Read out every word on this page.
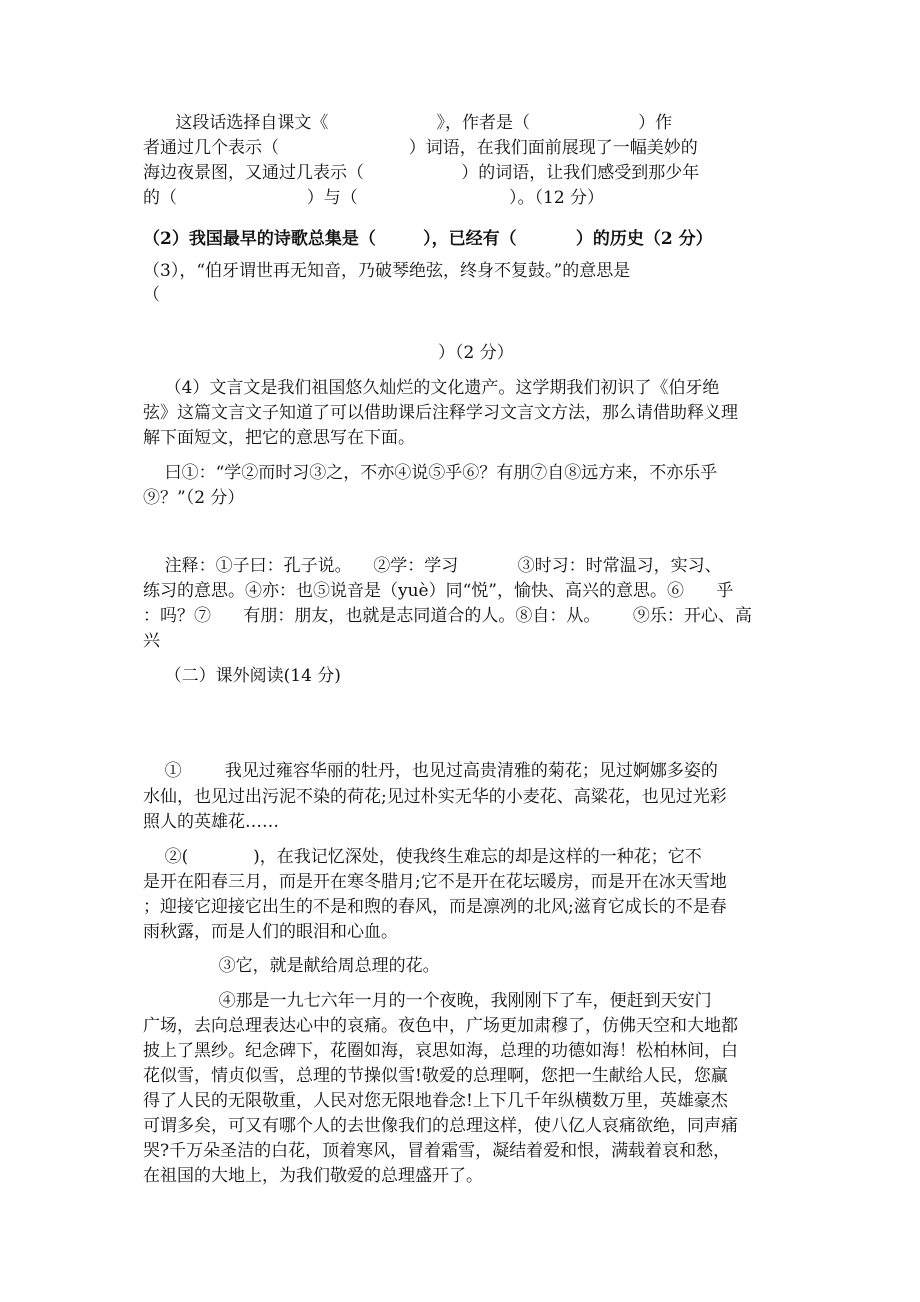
这段话选择自课文《                    》，作者是（                    ）作

者通过几个表示（                        ）词语，在我们面前展现了一幅美妙的

海边夜景图，又通过几表示（                  ）的词语，让我们感受到那少年

的（                        ）与（                            ）。（12 分）

（2）我国最早的诗歌总集是（        ），已经有（          ）的历史（2 分）

（3），“伯牙谓世再无知音，乃破琴绝弦，终身不复鼓。”的意思是

（

）（2 分）

（4）文言文是我们祖国悠久灿烂的文化遗产。这学期我们初识了《伯牙绝

弦》这篇文言文子知道了可以借助课后注释学习文言文方法，那么请借助释义理

解下面短文，把它的意思写在下面。

曰①：“学②而时习③之，不亦④说⑤乎⑥？有朋⑦自⑧远方来，不亦乐乎

⑨？”（2 分）

注释：①子曰：孔子说。    ②学：学习           ③时习：时常温习，实习、

练习的意思。④亦：也⑤说音是（yuè）同“悦”，愉快、高兴的意思。⑥      乎

：吗？⑦      有朋：朋友，也就是志同道合的人。⑧自：从。      ⑨乐：开心、高

兴

（二）课外阅读(14 分)

①        我见过雍容华丽的牡丹，也见过高贵清雅的菊花；见过婀娜多姿的

水仙，也见过出污泥不染的荷花;见过朴实无华的小麦花、高粱花，也见过光彩

照人的英雄花……

②(            )，在我记忆深处，使我终生难忘的却是这样的一种花；它不

是开在阳春三月，而是开在寒冬腊月;它不是开在花坛暖房，而是开在冰天雪地

；迎接它迎接它出生的不是和煦的春风，而是凛冽的北风;滋育它成长的不是春

雨秋露，而是人们的眼泪和心血。

③它，就是献给周总理的花。

④那是一九七六年一月的一个夜晚，我刚刚下了车，便赶到天安门

广场，去向总理表达心中的哀痛。夜色中，广场更加肃穆了，仿佛天空和大地都

披上了黑纱。纪念碑下，花圈如海，哀思如海，总理的功德如海！松柏林间，白

花似雪，情贞似雪，总理的节操似雪!敬爱的总理啊，您把一生献给人民，您赢

得了人民的无限敬重，人民对您无限地眷念!上下几千年纵横数万里，英雄豪杰

可谓多矣，可又有哪个人的去世像我们的总理这样，使八亿人哀痛欲绝，同声痛

哭?千万朵圣洁的白花，顶着寒风，冒着霜雪，凝结着爱和恨，满载着哀和愁，

在祖国的大地上，为我们敬爱的总理盛开了。
